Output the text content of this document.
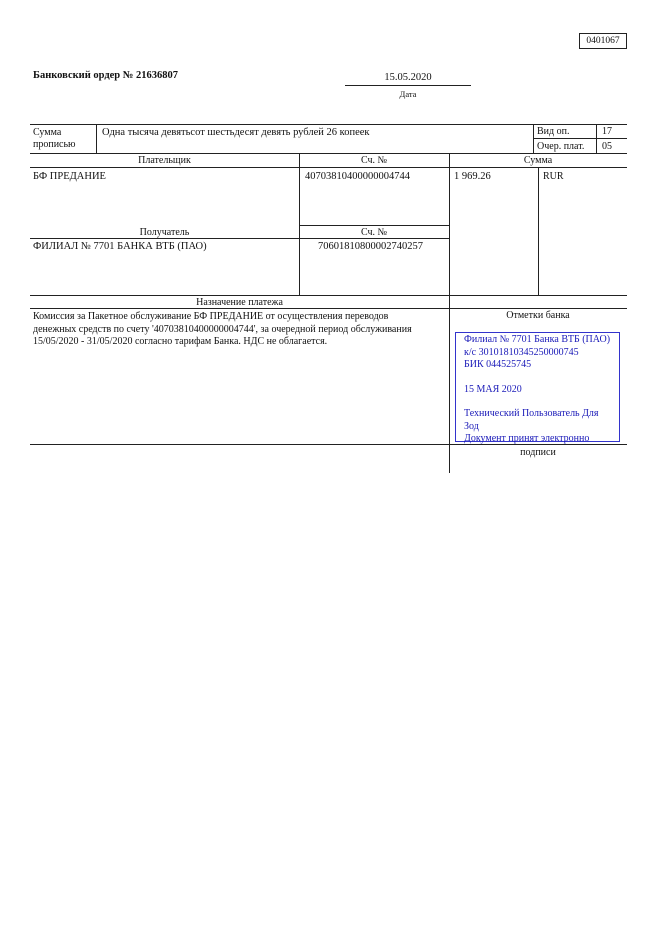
0401067
Банковский ордер № 21636807	15.05.2020
Дата
Сумма
прописью
Одна тысяча девятьсот шестьдесят девять рублей 26 копеек	Вид оп.	17
Очер. плат. 05
Плательщик	Сч. №	Сумма
БФ ПРЕДАНИЕ	40703810400000004744	1 969.26	RUR
Получатель	Сч. №
ФИЛИАЛ № 7701 БАНКА ВТБ (ПАО)	70601810800002740257
Назначение платежа
Отметки банка
Комиссия за Пакетное обслуживание БФ ПРЕДАНИЕ от осуществления переводов денежных средств по счету '40703810400000004744', за очередной период обслуживания 15/05/2020 - 31/05/2020 согласно тарифам Банка. НДС не облагается.	Филиал № 7701 Банка ВТБ (ПАО)
к/с 30101810345250000745
БИК 044525745
15 МАЯ 2020
Технический Пользователь Для
Зод
Документ принят электронно
подписи
